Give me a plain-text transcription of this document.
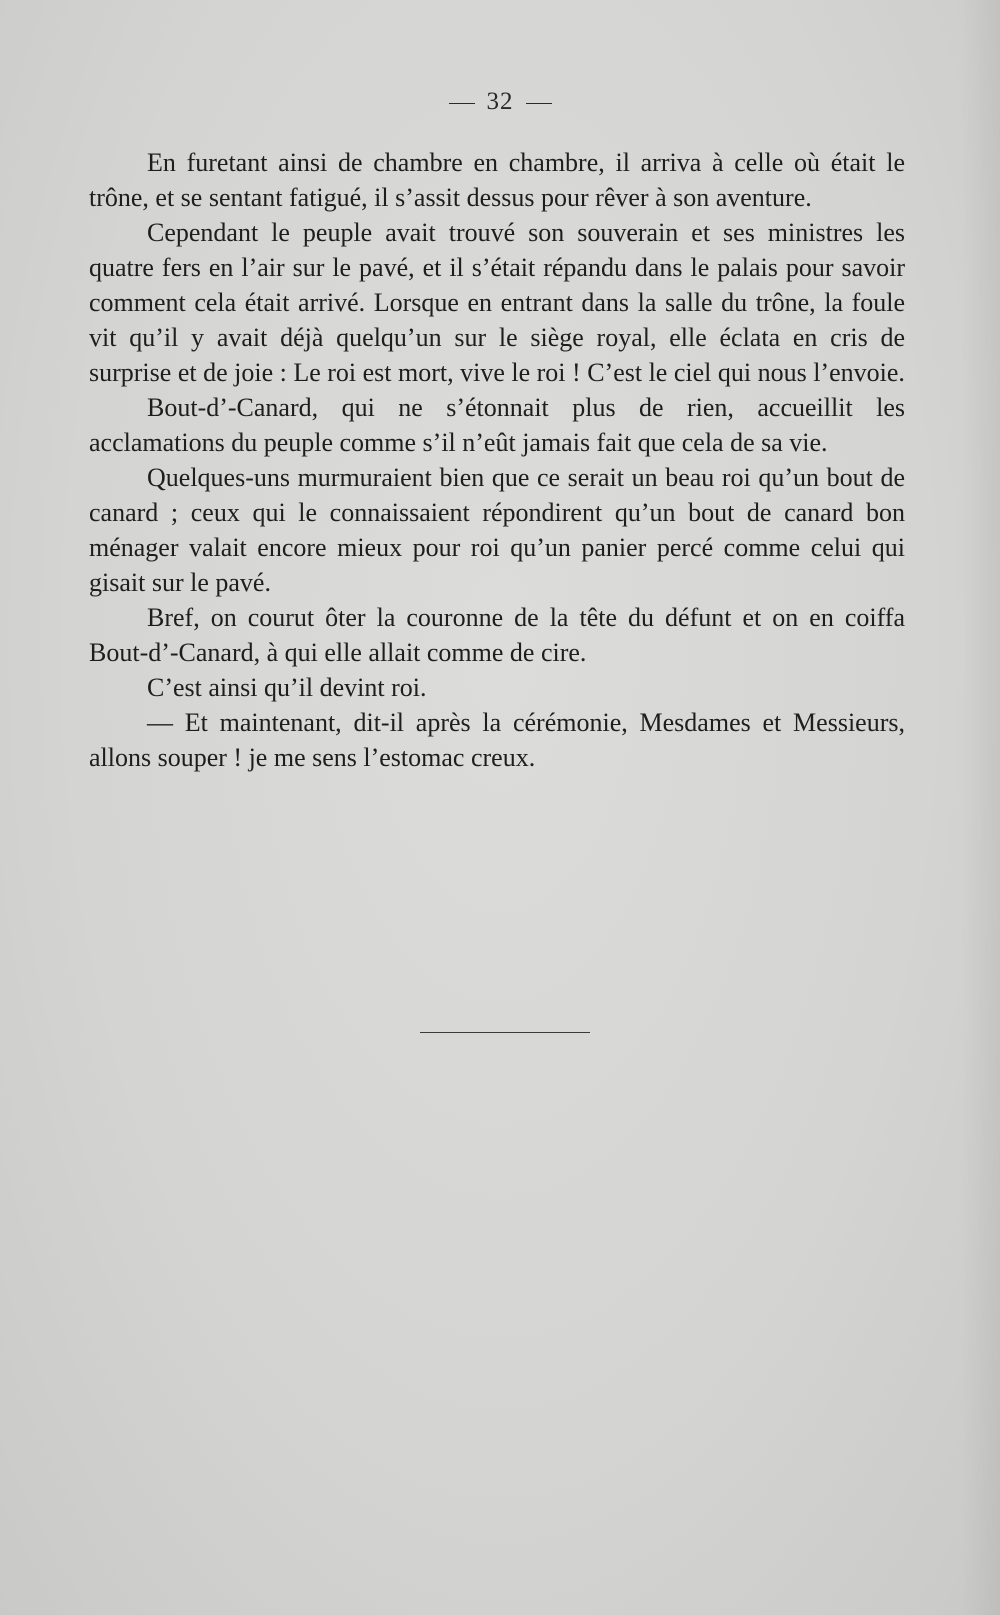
32

En furetant ainsi de chambre en chambre, il arriva à celle où était le trône, et se sentant fatigué, il s’assit dessus pour rêver à son aventure.

Cependant le peuple avait trouvé son souverain et ses ministres les quatre fers en l’air sur le pavé, et il s’était répandu dans le palais pour savoir comment cela était arrivé. Lorsque en entrant dans la salle du trône, la foule vit qu’il y avait déjà quelqu’un sur le siège royal, elle éclata en cris de surprise et de joie : Le roi est mort, vive le roi ! C’est le ciel qui nous l’envoie.

Bout-d’-Canard, qui ne s’étonnait plus de rien, accueillit les acclamations du peuple comme s’il n’eût jamais fait que cela de sa vie.

Quelques-uns murmuraient bien que ce serait un beau roi qu’un bout de canard ; ceux qui le connaissaient répondirent qu’un bout de canard bon ménager valait encore mieux pour roi qu’un panier percé comme celui qui gisait sur le pavé.

Bref, on courut ôter la couronne de la tête du défunt et on en coiffa Bout-d’-Canard, à qui elle allait comme de cire.

C’est ainsi qu’il devint roi.

— Et maintenant, dit-il après la cérémonie, Mesdames et Messieurs, allons souper ! je me sens l’estomac creux.
